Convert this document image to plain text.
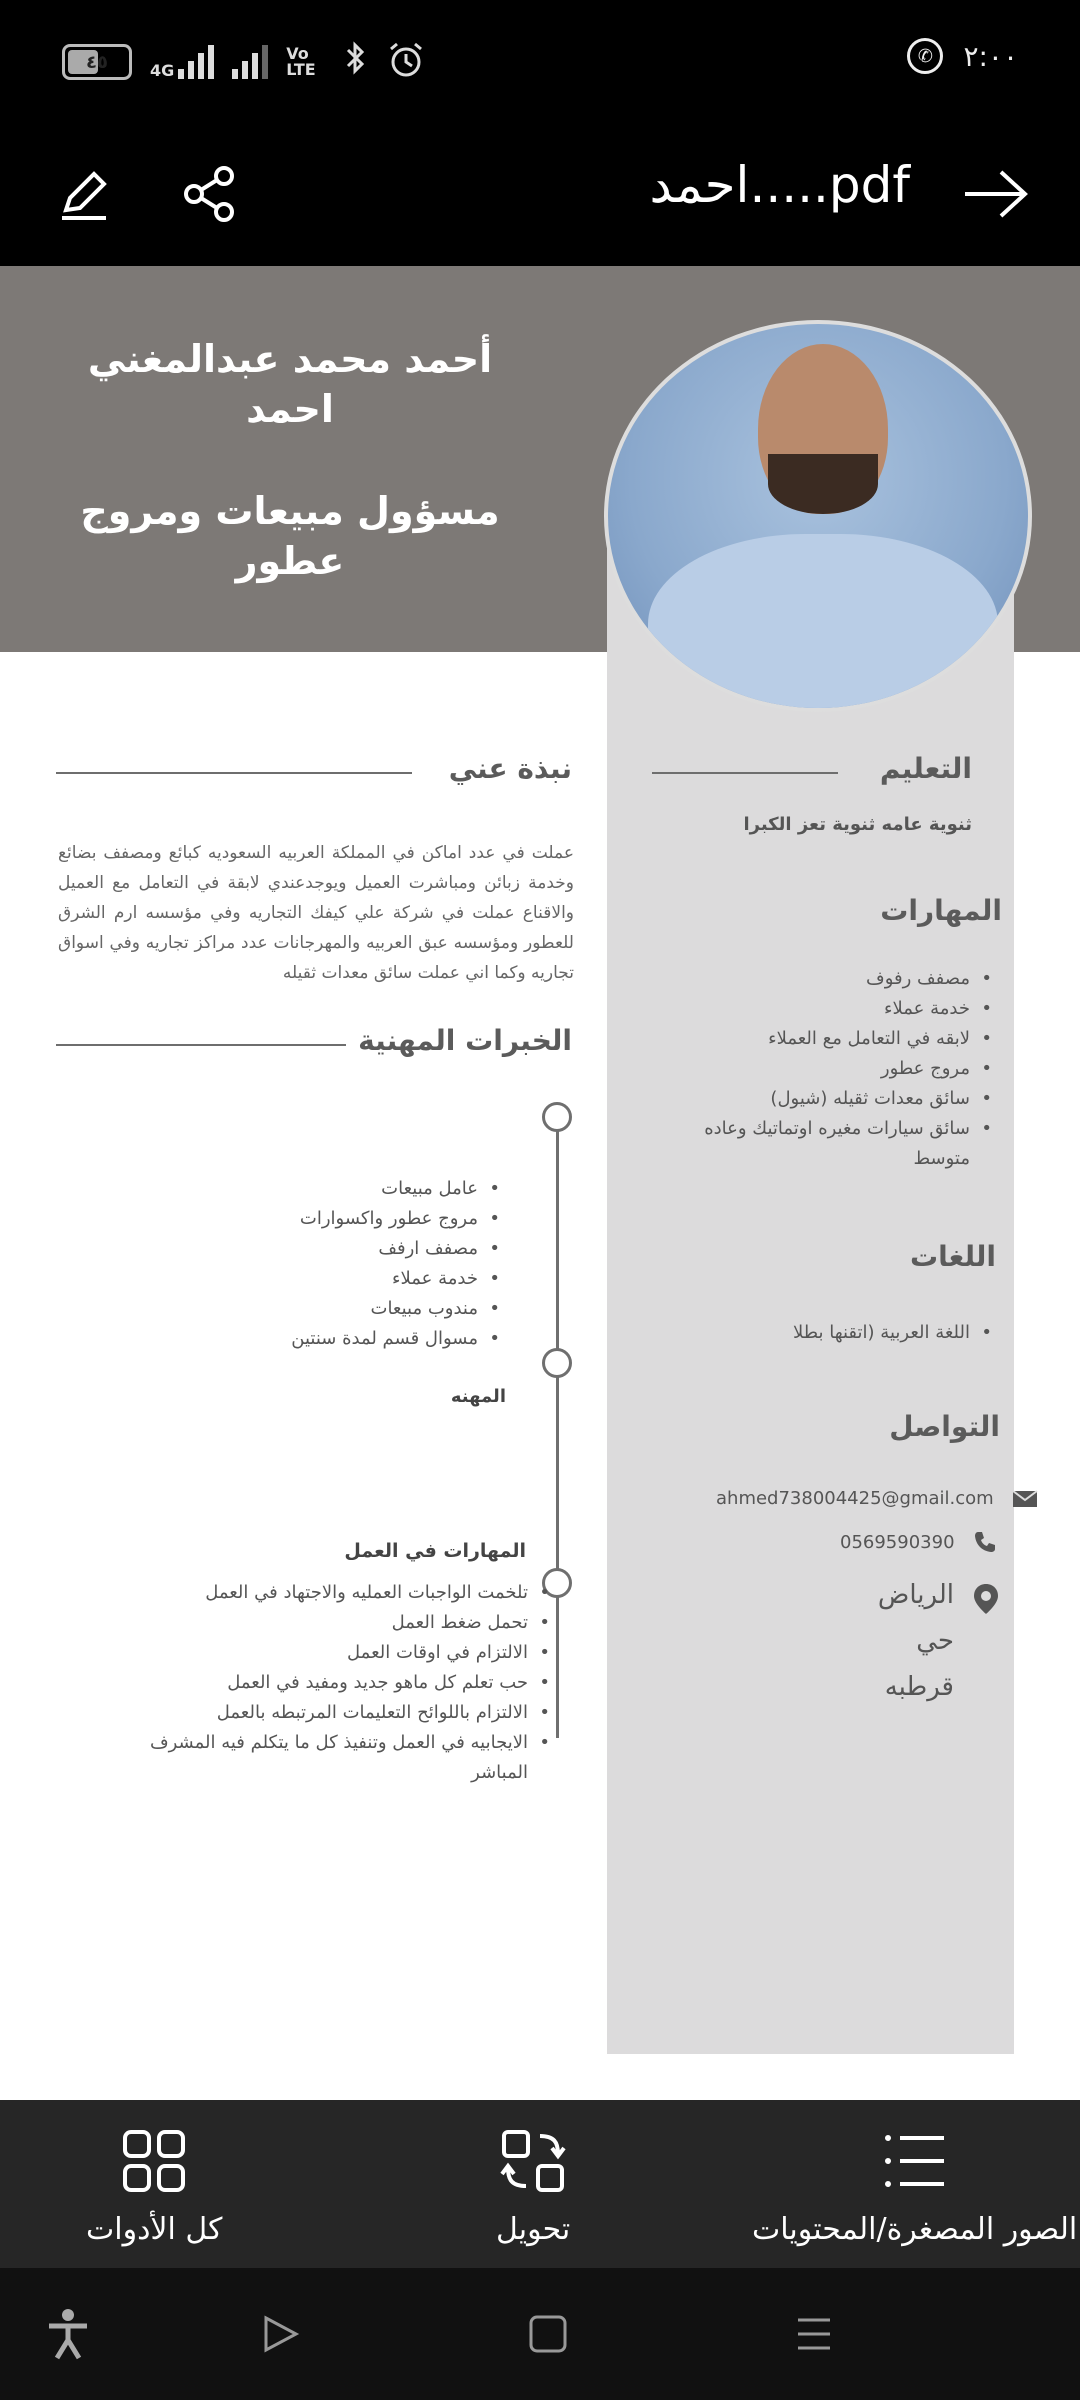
٤٥	4G
Vo LTE
✆	٢:٠٠
احمد.....pdf
أحمد محمد عبدالمغني احمد
مسؤول مبيعات ومروج عطور
نبذة عني
عملت في عدد اماكن في المملكة العربيه السعوديه كبائع ومصفف بضائع وخدمة زبائن ومباشرت العميل ويوجدعندي لابقة في التعامل مع العميل والاقناع عملت في شركة علي كيفك التجاريه وفي مؤسسه ارم الشرق للعطور ومؤسسه عبق العربيه والمهرجانات عدد مراكز تجاريه وفي اسواق تجاريه وكما اني عملت سائق معدات ثقيله
الخبرات المهنية
• عامل مبيعات
• مروج عطور واكسوارات
• مصفف ارفف
• خدمة عملاء
• مندوب مبيعات
• مسوال قسم لمدة سنتين
المهنه
المهارات في العمل
• تلخمت الواجبات العمليه والاجتهاد في العمل
• تحمل ضغط العمل
• الالتزام في اوقات العمل
• حب تعلم كل ماهو جديد ومفيد في العمل
• الالتزام باللوائح التعليمات المرتبطه بالعمل
• الايجابيه في العمل وتنفيذ كل ما يتكلم فيه المشرف المباشر
التعليم
ثنوية عامه ثنوية تعز الكبرا
المهارات
• مصفف رفوف
• خدمة عملاء
• لابقه في التعامل مع العملاء
• مروج عطور
• سائق معدات ثقيله (شيول)
• سائق سيارات مغيره اوتماتيك وعاده متوسط
اللغات
• اللغة العربية (اتقنها بطلا
التواصل
ahmed738004425@gmail.com
0569590390
الرياض
حي قرطبه
كل الأدوات	تحويل	الصور المصغرة/المحتويات
